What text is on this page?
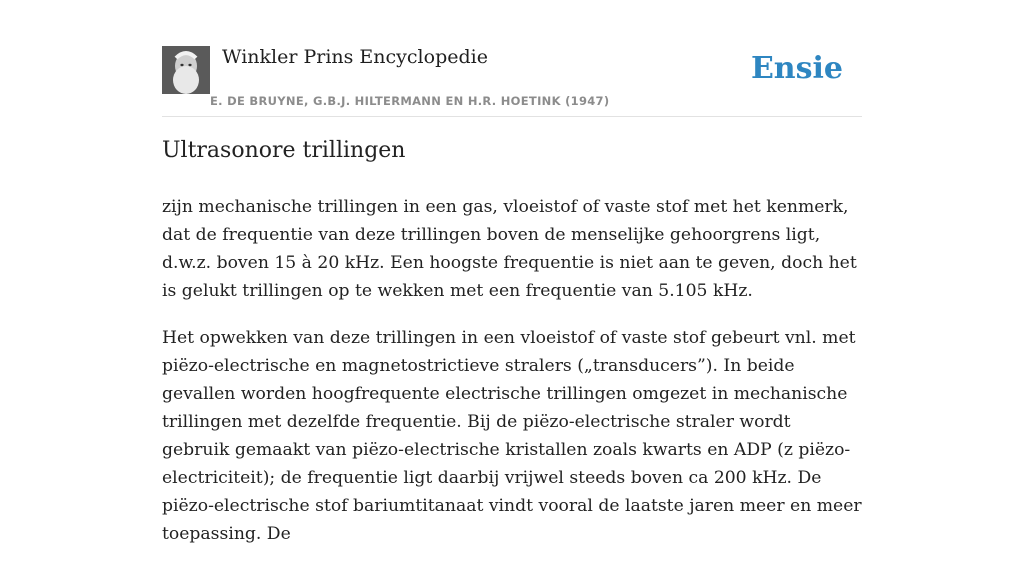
Winkler Prins Encyclopedie
E. DE BRUYNE, G.B.J. HILTERMANN EN H.R. HOETINK (1947)
Ensie
Ultrasonore trillingen

zijn mechanische trillingen in een gas, vloeistof of vaste stof met het kenmerk, dat de frequentie van deze trillingen boven de menselijke gehoorgrens ligt, d.w.z. boven 15 à 20 kHz. Een hoogste frequentie is niet aan te geven, doch het is gelukt trillingen op te wekken met een frequentie van 5.105 kHz.

Het opwekken van deze trillingen in een vloeistof of vaste stof gebeurt vnl. met piëzo-electrische en magnetostrictieve stralers („transducers”). In beide gevallen worden hoogfrequente electrische trillingen omgezet in mechanische trillingen met dezelfde frequentie. Bij de piëzo-electrische straler wordt gebruik gemaakt van piëzo-electrische kristallen zoals kwarts en ADP (z piëzo-electriciteit); de frequentie ligt daarbij vrijwel steeds boven ca 200 kHz. De piëzo-electrische stof bariumtitanaat vindt vooral de laatste jaren meer en meer toepassing. De
